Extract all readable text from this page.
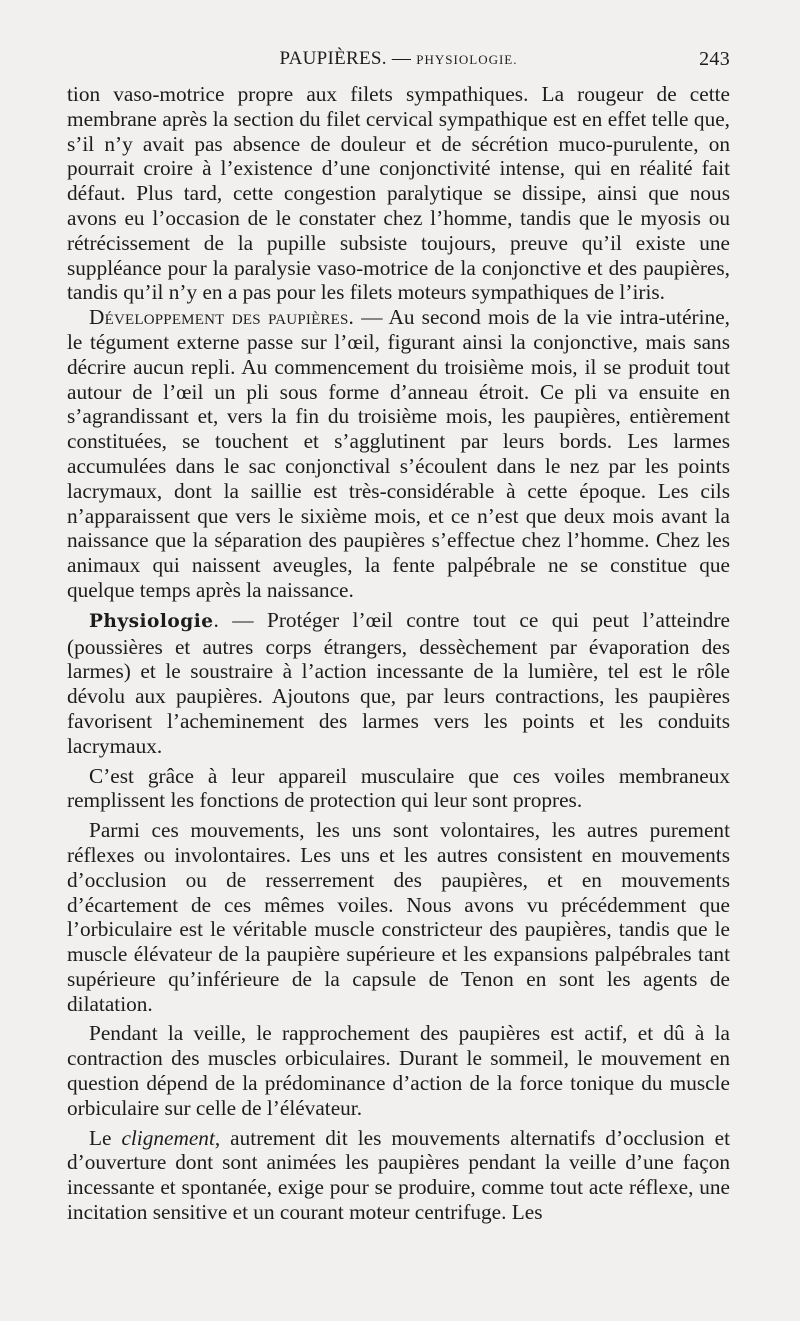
PAUPIÈRES. — PHYSIOLOGIE.	243

tion vaso-motrice propre aux filets sympathiques. La rougeur de cette membrane après la section du filet cervical sympathique est en effet telle que, s’il n’y avait pas absence de douleur et de sécrétion muco-purulente, on pourrait croire à l’existence d’une conjonctivité intense, qui en réalité fait défaut. Plus tard, cette congestion paralytique se dissipe, ainsi que nous avons eu l’occasion de le constater chez l’homme, tandis que le myosis ou rétrécissement de la pupille subsiste toujours, preuve qu’il existe une suppléance pour la paralysie vaso-motrice de la conjonctive et des paupières, tandis qu’il n’y en a pas pour les filets moteurs sympathiques de l’iris.

Développement des paupières. — Au second mois de la vie intra-utérine, le tégument externe passe sur l’œil, figurant ainsi la conjonctive, mais sans décrire aucun repli. Au commencement du troisième mois, il se produit tout autour de l’œil un pli sous forme d’anneau étroit. Ce pli va ensuite en s’agrandissant et, vers la fin du troisième mois, les paupières, entièrement constituées, se touchent et s’agglutinent par leurs bords. Les larmes accumulées dans le sac conjonctival s’écoulent dans le nez par les points lacrymaux, dont la saillie est très-considérable à cette époque. Les cils n’apparaissent que vers le sixième mois, et ce n’est que deux mois avant la naissance que la séparation des paupières s’effectue chez l’homme. Chez les animaux qui naissent aveugles, la fente palpébrale ne se constitue que quelque temps après la naissance.

Physiologie. — Protéger l’œil contre tout ce qui peut l’atteindre (poussières et autres corps étrangers, dessèchement par évaporation des larmes) et le soustraire à l’action incessante de la lumière, tel est le rôle dévolu aux paupières. Ajoutons que, par leurs contractions, les paupières favorisent l’acheminement des larmes vers les points et les conduits lacrymaux.

C’est grâce à leur appareil musculaire que ces voiles membraneux remplissent les fonctions de protection qui leur sont propres.

Parmi ces mouvements, les uns sont volontaires, les autres purement réflexes ou involontaires. Les uns et les autres consistent en mouvements d’occlusion ou de resserrement des paupières, et en mouvements d’écartement de ces mêmes voiles. Nous avons vu précédemment que l’orbiculaire est le véritable muscle constricteur des paupières, tandis que le muscle élévateur de la paupière supérieure et les expansions palpébrales tant supérieure qu’inférieure de la capsule de Tenon en sont les agents de dilatation.

Pendant la veille, le rapprochement des paupières est actif, et dû à la contraction des muscles orbiculaires. Durant le sommeil, le mouvement en question dépend de la prédominance d’action de la force tonique du muscle orbiculaire sur celle de l’élévateur.

Le clignement, autrement dit les mouvements alternatifs d’occlusion et d’ouverture dont sont animées les paupières pendant la veille d’une façon incessante et spontanée, exige pour se produire, comme tout acte réflexe, une incitation sensitive et un courant moteur centrifuge. Les
